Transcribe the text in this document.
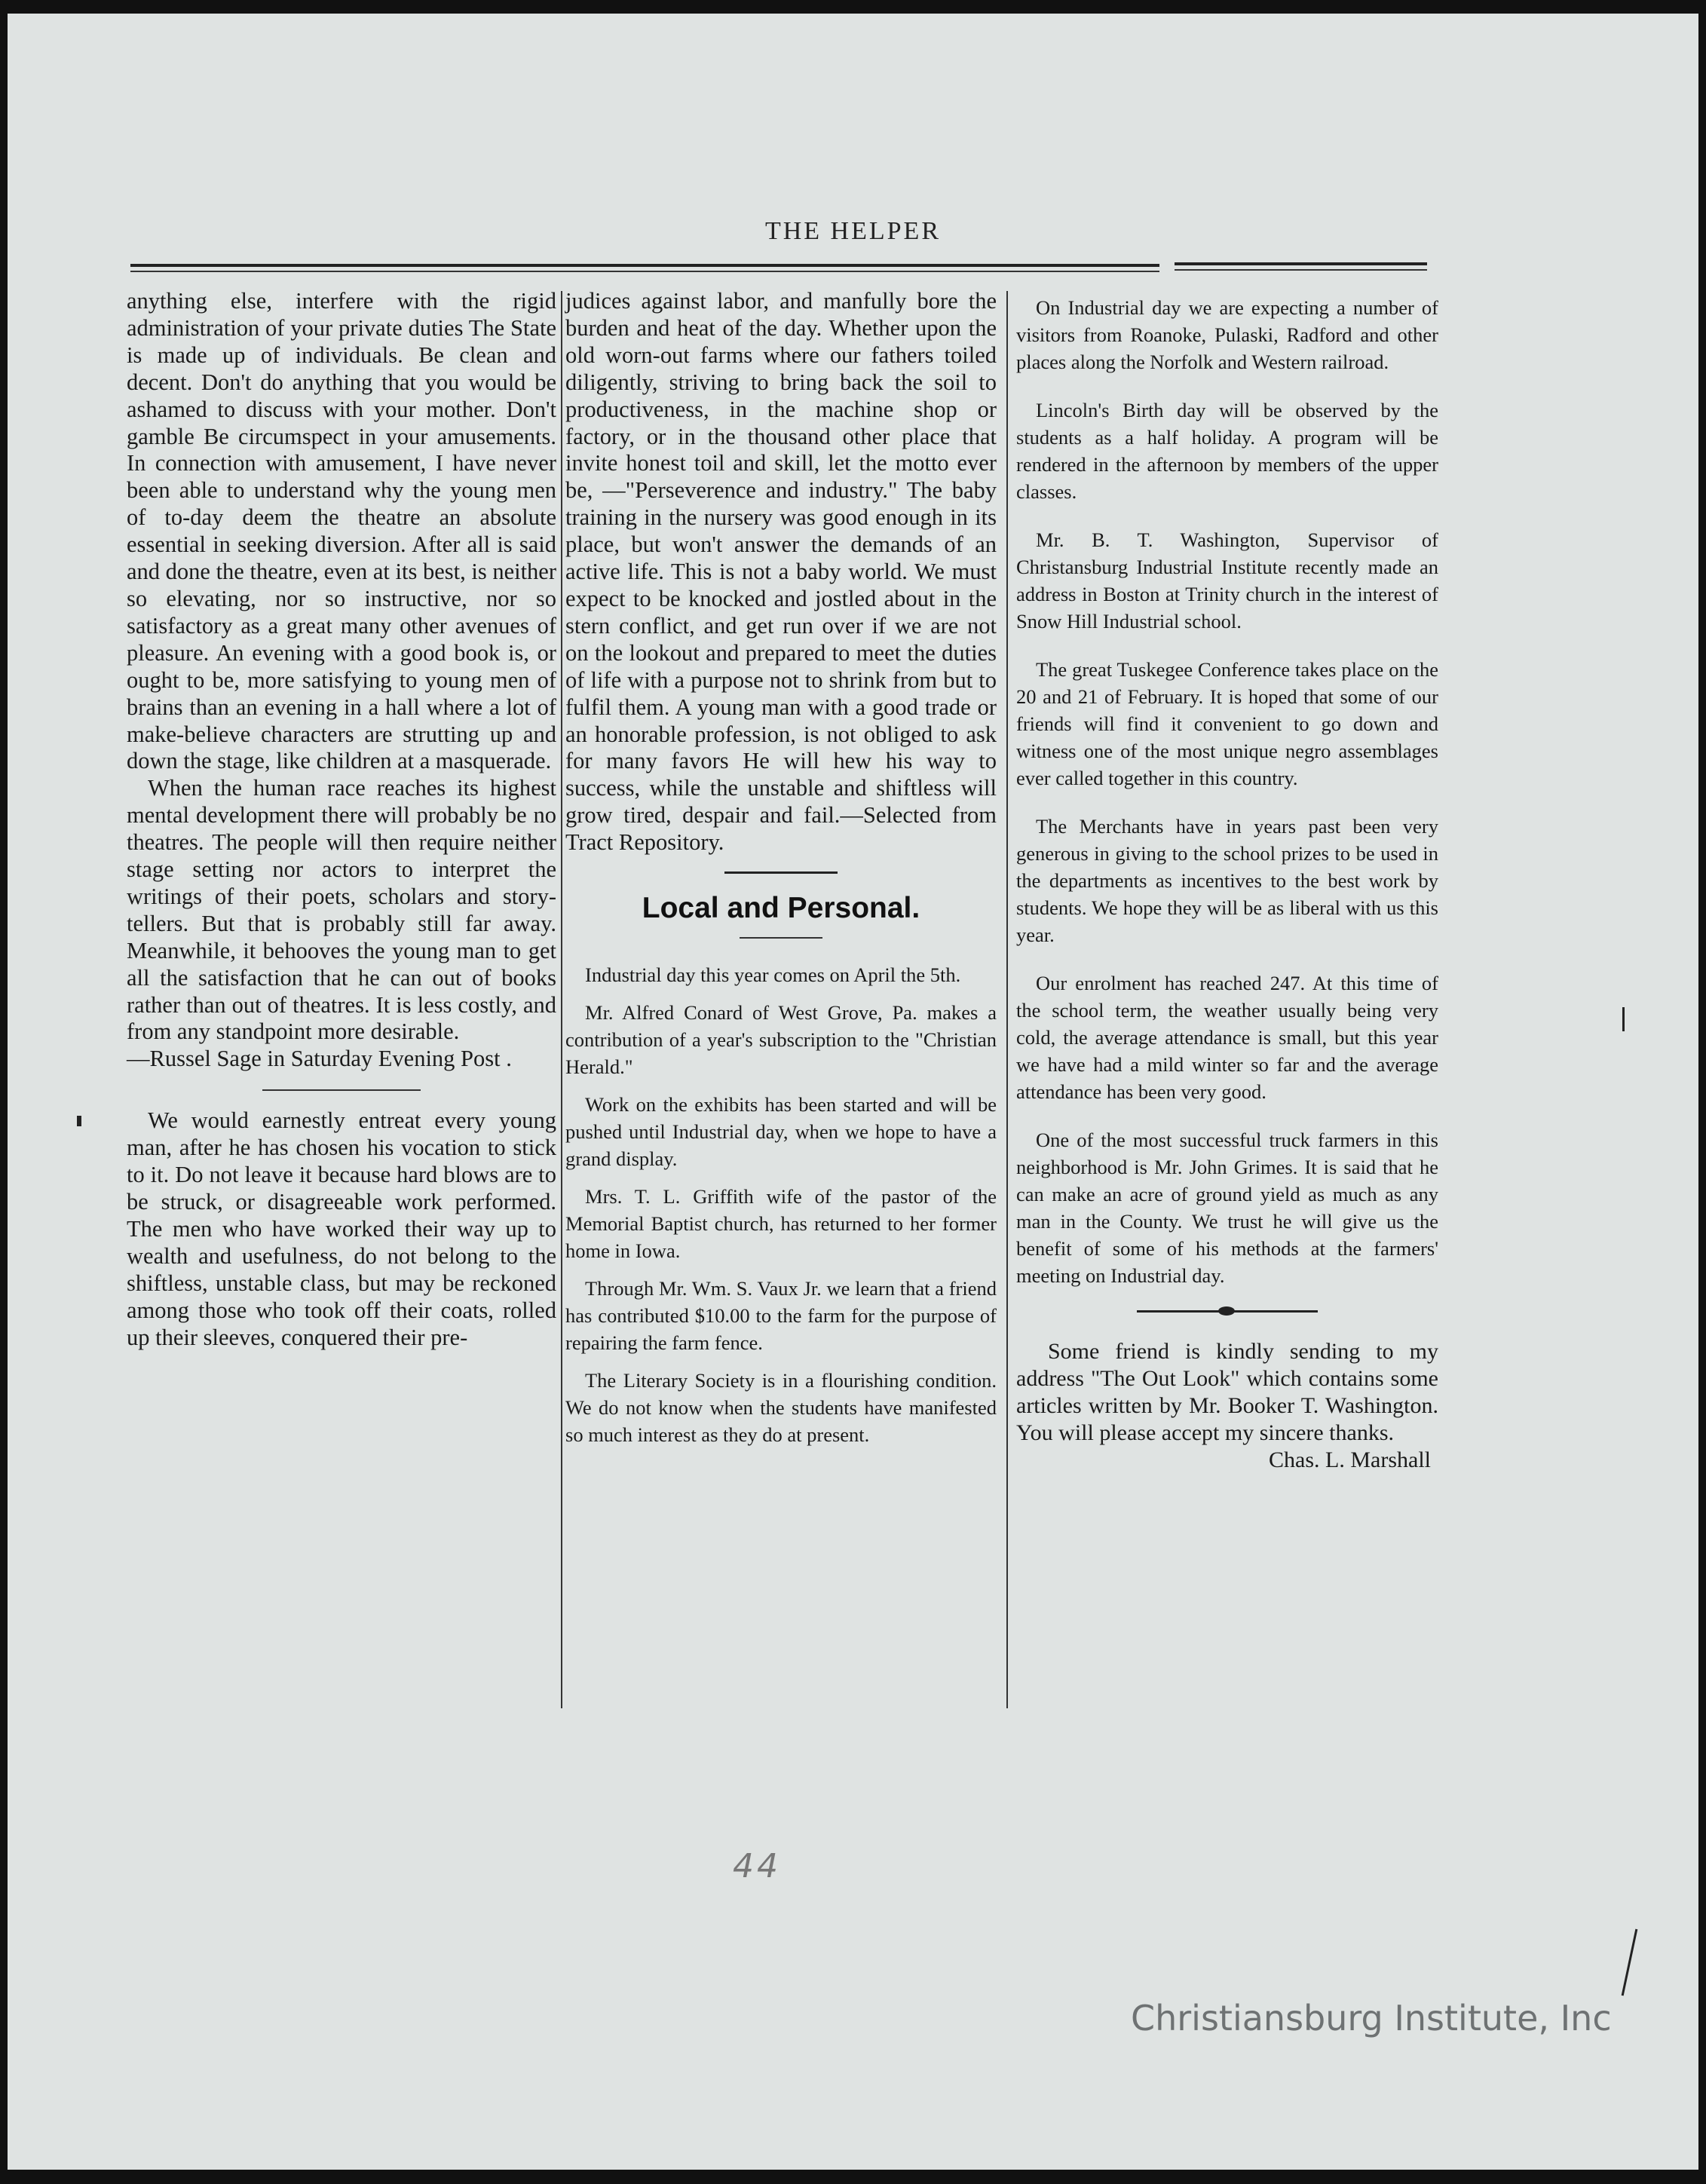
THE HELPER

anything else, interfere with the rigid administration of your private duties The State is made up of individuals. Be clean and decent. Don't do anything that you would be ashamed to discuss with your mother. Don't gamble Be circumspect in your amusements. In connection with amusement, I have never been able to understand why the young men of to-day deem the theatre an absolute essential in seeking diversion. After all is said and done the theatre, even at its best, is neither so elevating, nor so instructive, nor so satisfactory as a great many other avenues of pleasure. An evening with a good book is, or ought to be, more satisfying to young men of brains than an evening in a hall where a lot of make-believe characters are strutting up and down the stage, like children at a masquerade.

When the human race reaches its highest mental development there will probably be no theatres. The people will then require neither stage setting nor actors to interpret the writings of their poets, scholars and story-tellers. But that is probably still far away. Meanwhile, it behooves the young man to get all the satisfaction that he can out of books rather than out of theatres. It is less costly, and from any standpoint more desirable.

—Russel Sage in Saturday Evening Post .

We would earnestly entreat every young man, after he has chosen his vocation to stick to it. Do not leave it because hard blows are to be struck, or disagreeable work performed. The men who have worked their way up to wealth and usefulness, do not belong to the shiftless, unstable class, but may be reckoned among those who took off their coats, rolled up their sleeves, conquered their pre-

judices against labor, and manfully bore the burden and heat of the day. Whether upon the old worn-out farms where our fathers toiled diligently, striving to bring back the soil to productiveness, in the machine shop or factory, or in the thousand other place that invite honest toil and skill, let the motto ever be, —"Perseverence and industry." The baby training in the nursery was good enough in its place, but won't answer the demands of an active life. This is not a baby world. We must expect to be knocked and jostled about in the stern conflict, and get run over if we are not on the lookout and prepared to meet the duties of life with a purpose not to shrink from but to fulfil them. A young man with a good trade or an honorable profession, is not obliged to ask for many favors He will hew his way to success, while the unstable and shiftless will grow tired, despair and fail.—Selected from Tract Repository.

Local and Personal.

Industrial day this year comes on April the 5th.

Mr. Alfred Conard of West Grove, Pa. makes a contribution of a year's subscription to the "Christian Herald."

Work on the exhibits has been started and will be pushed until Industrial day, when we hope to have a grand display.

Mrs. T. L. Griffith wife of the pastor of the Memorial Baptist church, has returned to her former home in Iowa.

Through Mr. Wm. S. Vaux Jr. we learn that a friend has contributed $10.00 to the farm for the purpose of repairing the farm fence.

The Literary Society is in a flourishing condition. We do not know when the students have manifested so much interest as they do at present.

On Industrial day we are expecting a number of visitors from Roanoke, Pulaski, Radford and other places along the Norfolk and Western railroad.

Lincoln's Birth day will be observed by the students as a half holiday. A program will be rendered in the afternoon by members of the upper classes.

Mr. B. T. Washington, Supervisor of Christansburg Industrial Institute recently made an address in Boston at Trinity church in the interest of Snow Hill Industrial school.

The great Tuskegee Conference takes place on the 20 and 21 of February. It is hoped that some of our friends will find it convenient to go down and witness one of the most unique negro assemblages ever called together in this country.

The Merchants have in years past been very generous in giving to the school prizes to be used in the departments as incentives to the best work by students. We hope they will be as liberal with us this year.

Our enrolment has reached 247. At this time of the school term, the weather usually being very cold, the average attendance is small, but this year we have had a mild winter so far and the average attendance has been very good.

One of the most successful truck farmers in this neighborhood is Mr. John Grimes. It is said that he can make an acre of ground yield as much as any man in the County. We trust he will give us the benefit of some of his methods at the farmers' meeting on Industrial day.

Some friend is kindly sending to my address "The Out Look" which contains some articles written by Mr. Booker T. Washington. You will please accept my sincere thanks.

Chas. L. Marshall

44
Christiansburg Institute, Inc
